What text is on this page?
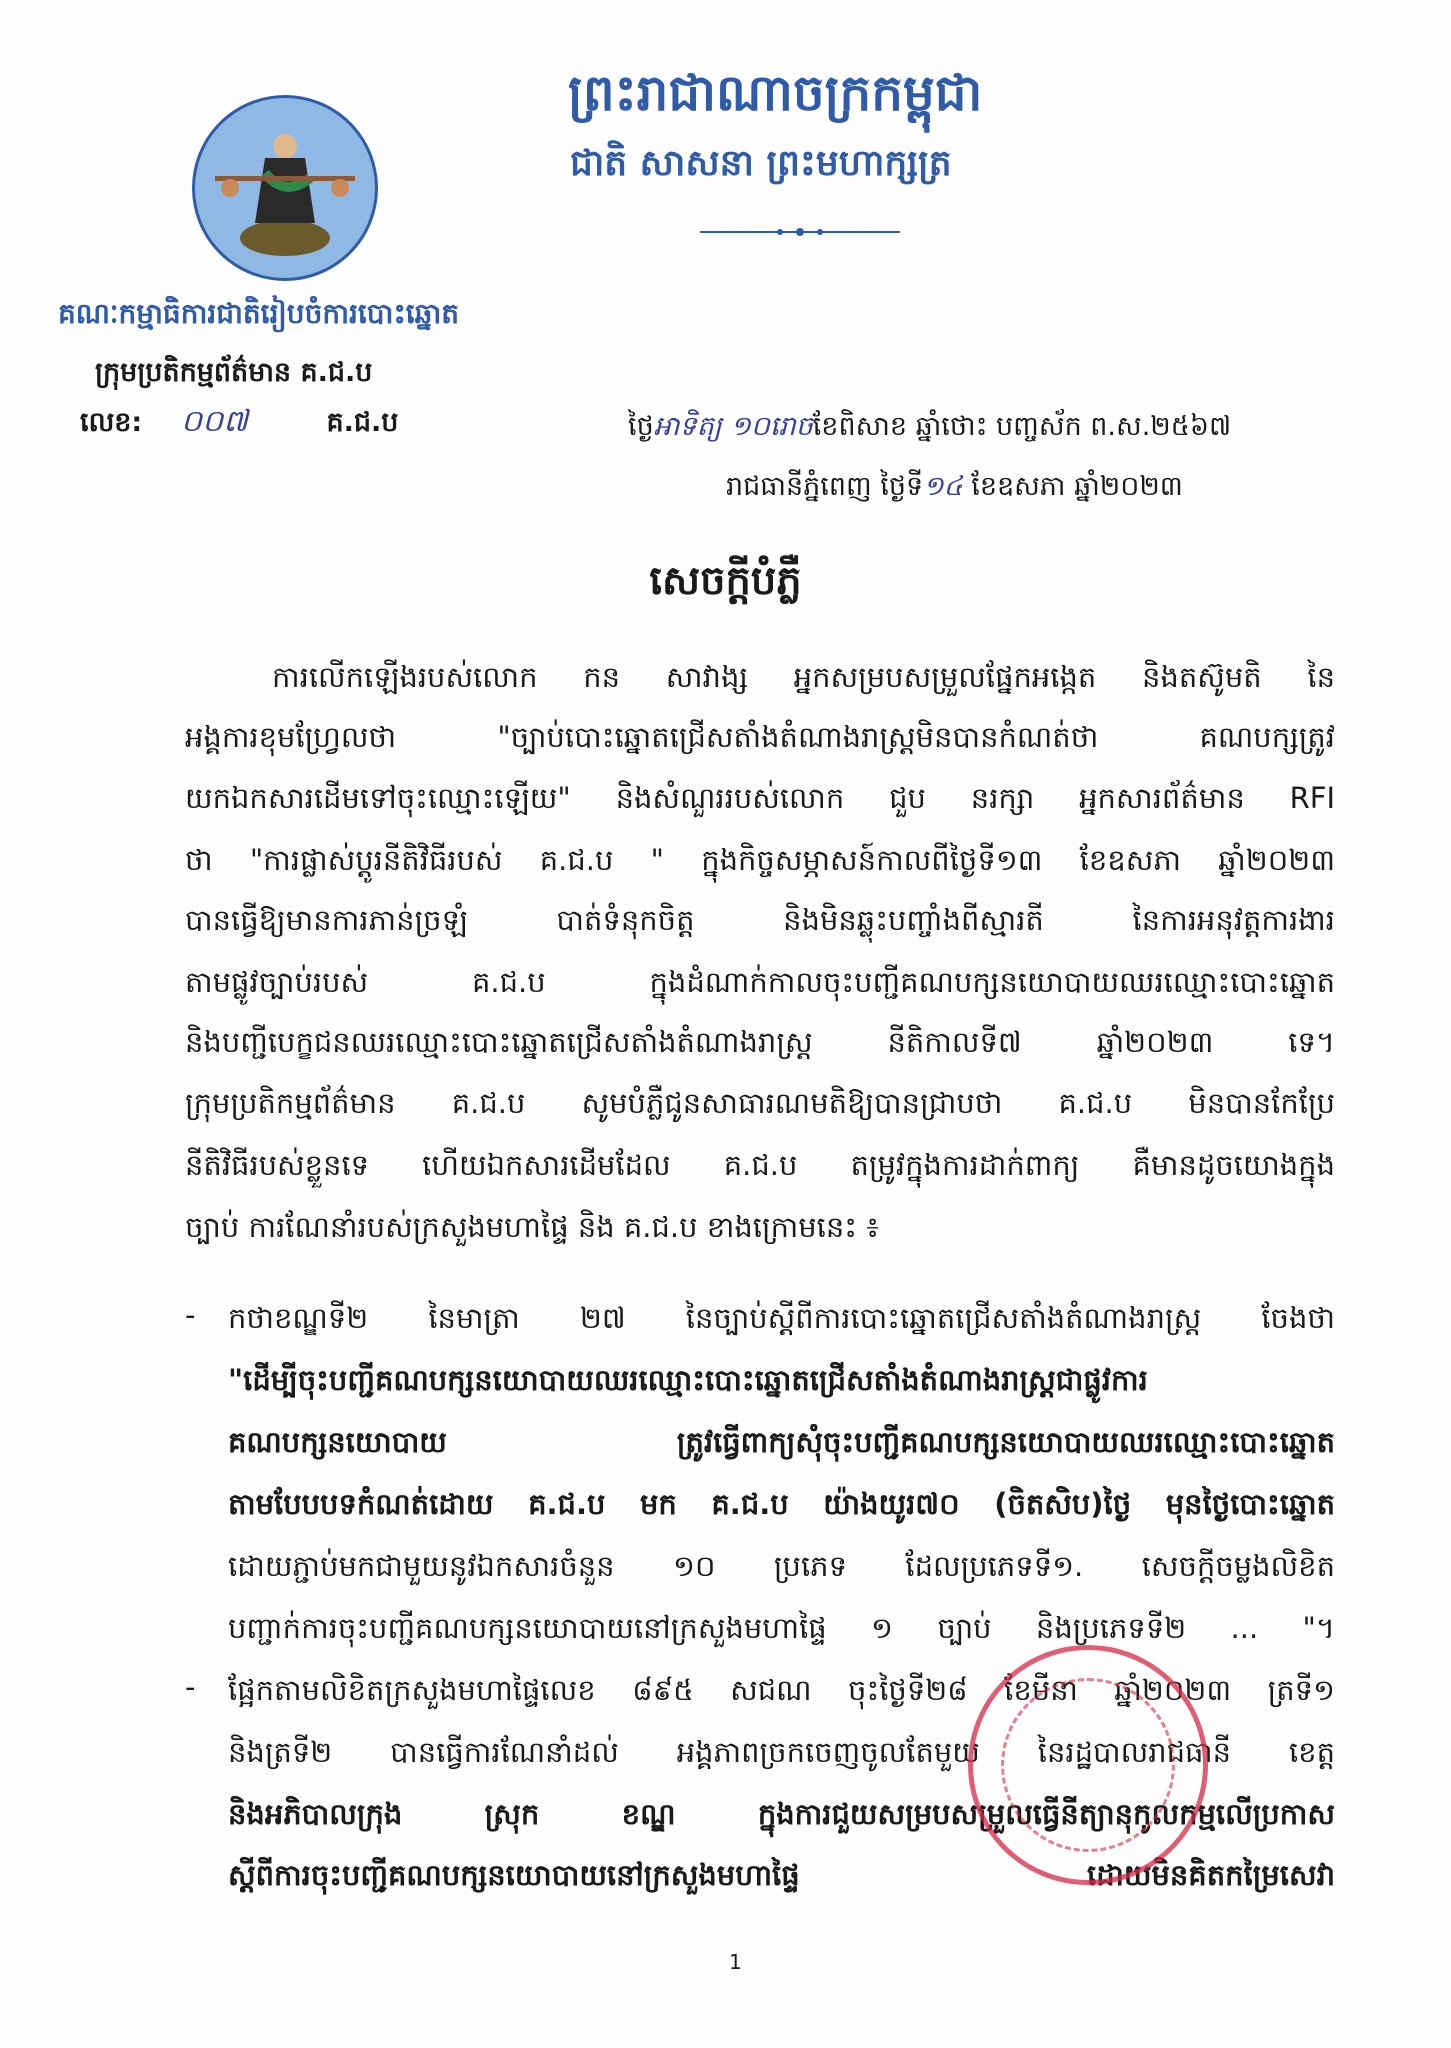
ព្រះរាជាណាចក្រកម្ពុជា
ជាតិ សាសនា ព្រះមហាក្សត្រ
គណៈកម្មាធិការជាតិរៀបចំការបោះឆ្នោត
ក្រុមប្រតិកម្មព័ត៌មាន គ.ជ.ប
លេខ: ០០៧	គ.ជ.ប	ថ្ងៃអាទិត្យ ១០រោចខែពិសាខ ឆ្នាំថោះ បញ្ចស័ក ព.ស.២៥៦៧
រាជធានីភ្នំពេញ ថ្ងៃទី១៤ ខែឧសភា ឆ្នាំ២០២៣
សេចក្តីបំភ្លឺ
ការលើកឡើងរបស់លោក កន សាវាង្ស អ្នកសម្របសម្រួលផ្នែកអង្កេត និងតស៊ូមតិ នៃ
អង្គការខុមហ្វ្រែលថា "ច្បាប់បោះឆ្នោតជ្រើសតាំងតំណាងរាស្ត្រមិនបានកំណត់ថា គណបក្សត្រូវ
យកឯកសារដើមទៅចុះឈ្មោះឡើយ" និងសំណួររបស់លោក ជួប នរក្សា អ្នកសារព័ត៌មាន RFI
ថា "ការផ្លាស់ប្តូរនីតិវិធីរបស់ គ.ជ.ប " ក្នុងកិច្ចសម្ភាសន៍កាលពីថ្ងៃទី១៣ ខែឧសភា ឆ្នាំ២០២៣
បានធ្វើឱ្យមានការភាន់ច្រឡំ បាត់ទំនុកចិត្ត និងមិនឆ្លុះបញ្ចាំងពីស្មារតី នៃការអនុវត្តការងារ
តាមផ្លូវច្បាប់របស់ គ.ជ.ប ក្នុងដំណាក់កាលចុះបញ្ជីគណបក្សនយោបាយឈរឈ្មោះបោះឆ្នោត
និងបញ្ជីបេក្ខជនឈរឈ្មោះបោះឆ្នោតជ្រើសតាំងតំណាងរាស្ត្រ នីតិកាលទី៧ ឆ្នាំ២០២៣ ទេ។
ក្រុមប្រតិកម្មព័ត៌មាន គ.ជ.ប សូមបំភ្លឺជូនសាធារណមតិឱ្យបានជ្រាបថា គ.ជ.ប មិនបានកែប្រែ
នីតិវិធីរបស់ខ្លួនទេ ហើយឯកសារដើមដែល គ.ជ.ប តម្រូវក្នុងការដាក់ពាក្យ គឺមានដូចយោងក្នុង
ច្បាប់ ការណែនាំរបស់ក្រសួងមហាផ្ទៃ និង គ.ជ.ប ខាងក្រោមនេះ ៖
- កថាខណ្ឌទី២ នៃមាត្រា ២៧ នៃច្បាប់ស្តីពីការបោះឆ្នោតជ្រើសតាំងតំណាងរាស្ត្រ ចែងថា
"ដើម្បីចុះបញ្ជីគណបក្សនយោបាយឈរឈ្មោះបោះឆ្នោតជ្រើសតាំងតំណាងរាស្ត្រជាផ្លូវការ
គណបក្សនយោបាយ ត្រូវធ្វើពាក្យសុំចុះបញ្ជីគណបក្សនយោបាយឈរឈ្មោះបោះឆ្នោត
តាមបែបបទកំណត់ដោយ គ.ជ.ប មក គ.ជ.ប យ៉ាងយូរ៧០ (ចិតសិប)ថ្ងៃ មុនថ្ងៃបោះឆ្នោត
ដោយភ្ជាប់មកជាមួយនូវឯកសារចំនួន ១០ ប្រភេទ ដែលប្រភេទទី១. សេចក្តីចម្លងលិខិត
បញ្ជាក់ការចុះបញ្ជីគណបក្សនយោបាយនៅក្រសួងមហាផ្ទៃ ១ ច្បាប់ និងប្រភេទទី២ ... "។
- ផ្អែកតាមលិខិតក្រសួងមហាផ្ទៃលេខ ៨៩៥ សជណ ចុះថ្ងៃទី២៨ ខែមីនា ឆ្នាំ២០២៣ ត្រទី១
និងត្រទី២ បានធ្វើការណែនាំដល់ អង្គភាពច្រកចេញចូលតែមួយ នៃរដ្ឋបាលរាជធានី ខេត្ត
និងអភិបាលក្រុង ស្រុក ខណ្ឌ ក្នុងការជួយសម្របសម្រួលធ្វើនីត្យានុកូលកម្មលើប្រកាស
ស្តីពីការចុះបញ្ជីគណបក្សនយោបាយនៅក្រសួងមហាផ្ទៃ ដោយមិនគិតកម្រៃសេវា
1
